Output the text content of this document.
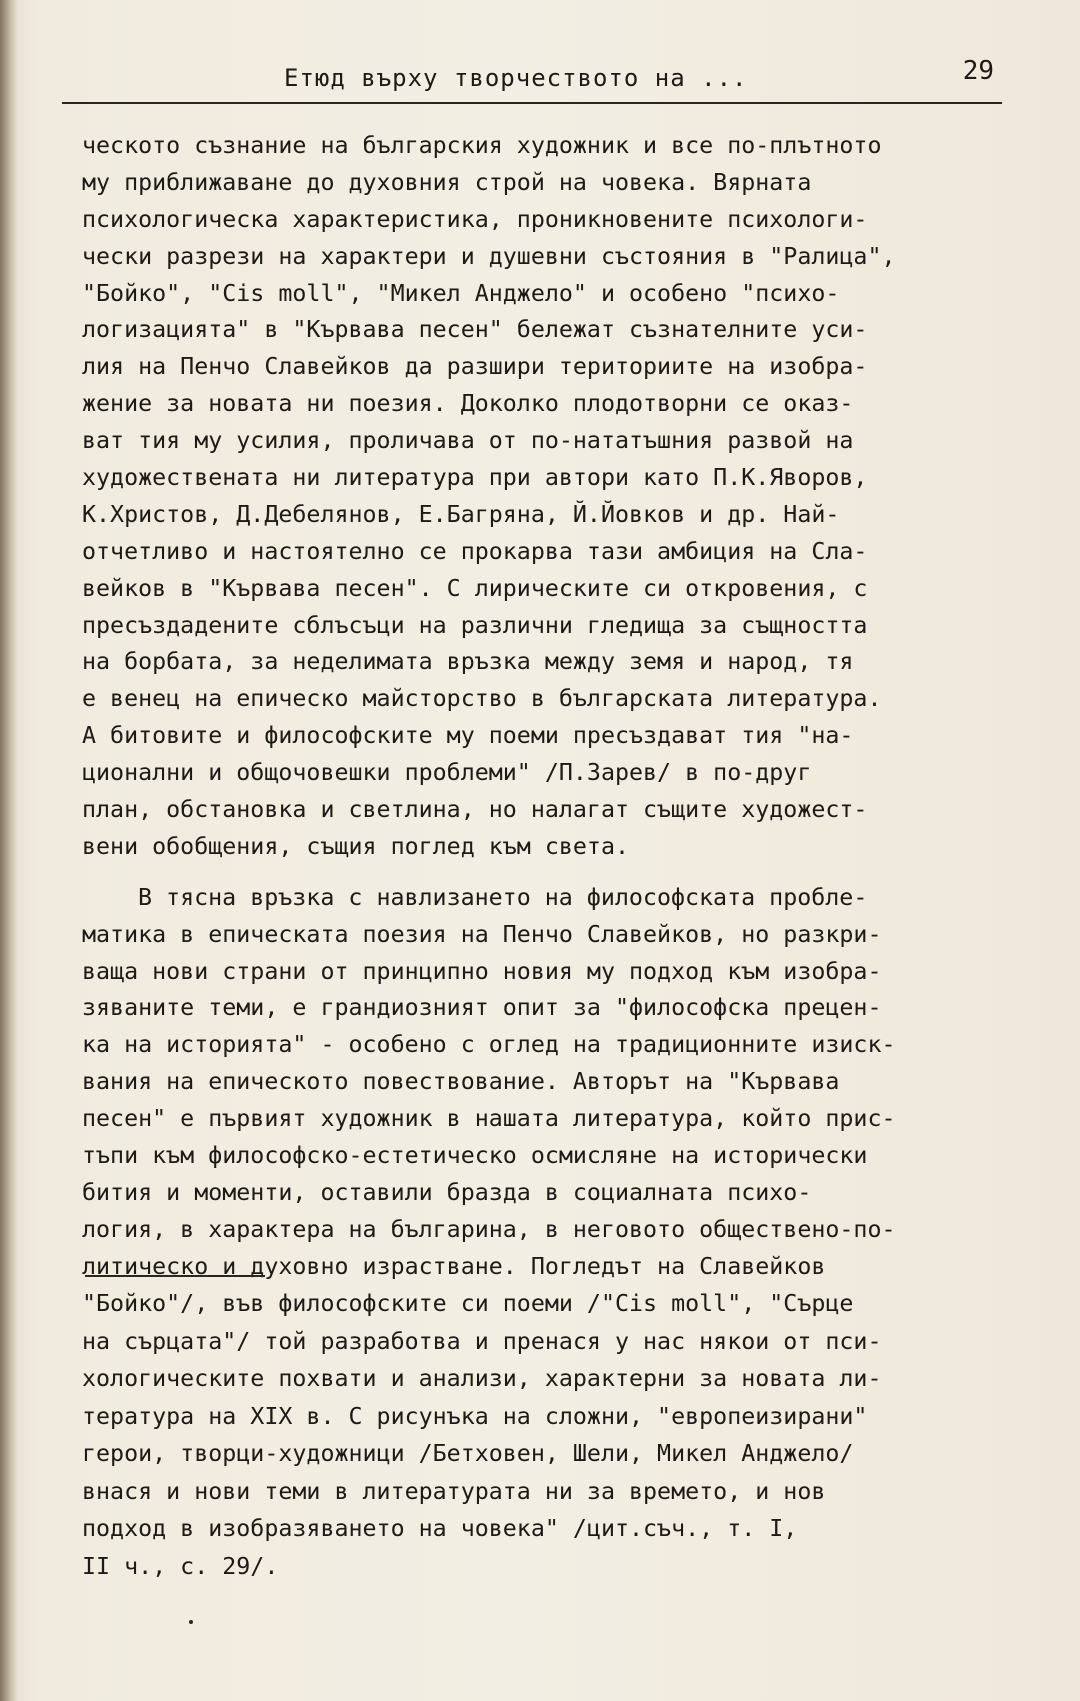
Етюд върху творчеството на ...	29
ческото съзнание на българския художник и все по-плътното
му приближаване до духовния строй на човека. Вярната
психологическа характеристика, проникновените психологи-
чески разрези на характери и душевни състояния в "Ралица",
"Бойко", "Cis moll", "Микел Анджело" и особено "психо-
логизацията" в "Кървава песен" бележат съзнателните уси-
лия на Пенчо Славейков да разшири териториите на изобра-
жение за новата ни поезия. Доколко плодотворни се оказ-
ват тия му усилия, проличава от по-нататъшния развой на
художествената ни литература при автори като П.К.Яворов,
К.Христов, Д.Дебелянов, Е.Багряна, Й.Йовков и др. Най-
отчетливо и настоятелно се прокарва тази амбиция на Сла-
вейков в "Кървава песен". С лирическите си откровения, с
пресъздадените сблъсъци на различни гледища за същността
на борбата, за неделимата връзка между земя и народ, тя
е венец на епическо майсторство в българската литература.
А битовите и философските му поеми пресъздават тия "на-
ционални и общочовешки проблеми" /П.Зарев/ в по-друг
план, обстановка и светлина, но налагат същите художест-
вени обобщения, същия поглед към света.
В тясна връзка с навлизането на философската пробле-
матика в епическата поезия на Пенчо Славейков, но разкри-
ваща нови страни от принципно новия му подход към изобра-
зяваните теми, е грандиозният опит за "философска прецен-
ка на историята" - особено с оглед на традиционните изиск-
вания на епическото повествование. Авторът на "Кървава
песен" е първият художник в нашата литература, който прис-
тъпи към философско-естетическо осмисляне на исторически
бития и моменти, оставили бразда в социалната психо-
логия, в характера на българина, в неговото обществено-по-
литическо и духовно израстване. Погледът на Славейков
"Бойко"/, във философските си поеми /"Cis moll", "Сърце
на сърцата"/ той разработва и пренася у нас някои от пси-
хологическите похвати и анализи, характерни за новата ли-
тература на XIX в. С рисунъка на сложни, "европеизирани"
герои, творци-художници /Бетховен, Шели, Микел Анджело/
внася и нови теми в литературата ни за времето, и нов
подход в изобразяването на човека" /цит.съч., т. I,
II ч., с. 29/.
